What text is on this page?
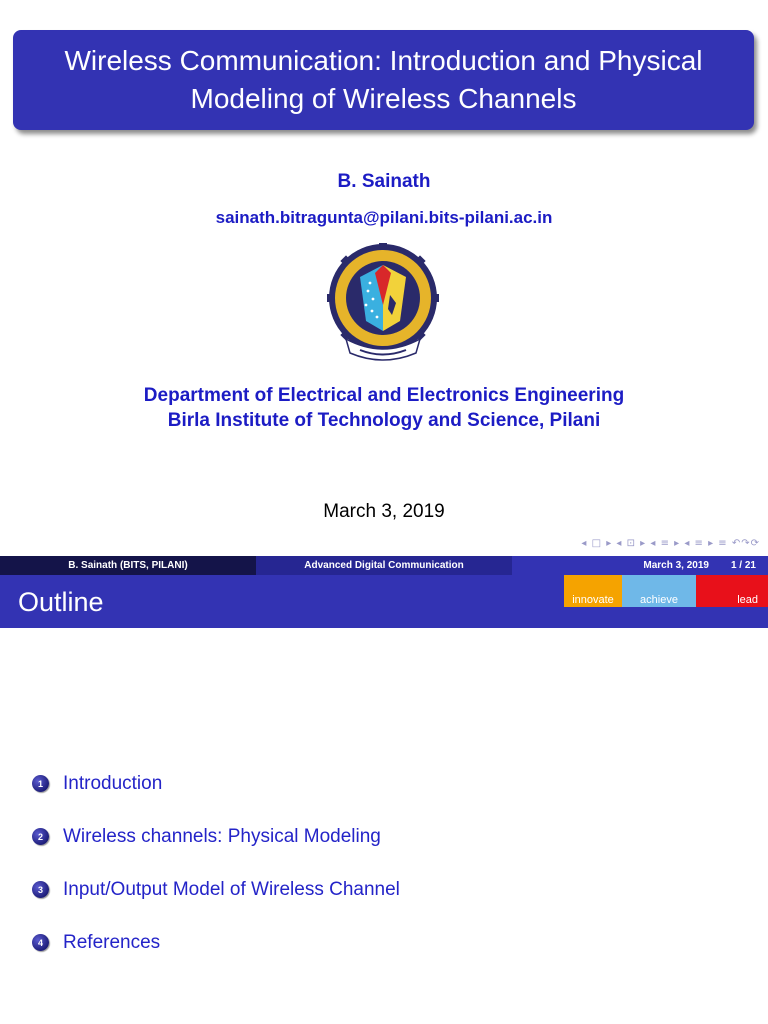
Wireless Communication: Introduction and Physical Modeling of Wireless Channels
B. Sainath
sainath.bitragunta@pilani.bits-pilani.ac.in
Department of Electrical and Electronics Engineering
Birla Institute of Technology and Science, Pilani
March 3, 2019
◂ □ ▸ ◂ ⊡ ▸ ◂ ≡ ▸ ◂ ≡ ▸ ≡ ↶↷⟳
B. Sainath (BITS, PILANI)	Advanced Digital Communication	March 3, 2019 1 / 21
Outline	innovate	achieve	lead
1	Introduction
2	Wireless channels: Physical Modeling
3	Input/Output Model of Wireless Channel
4	References
